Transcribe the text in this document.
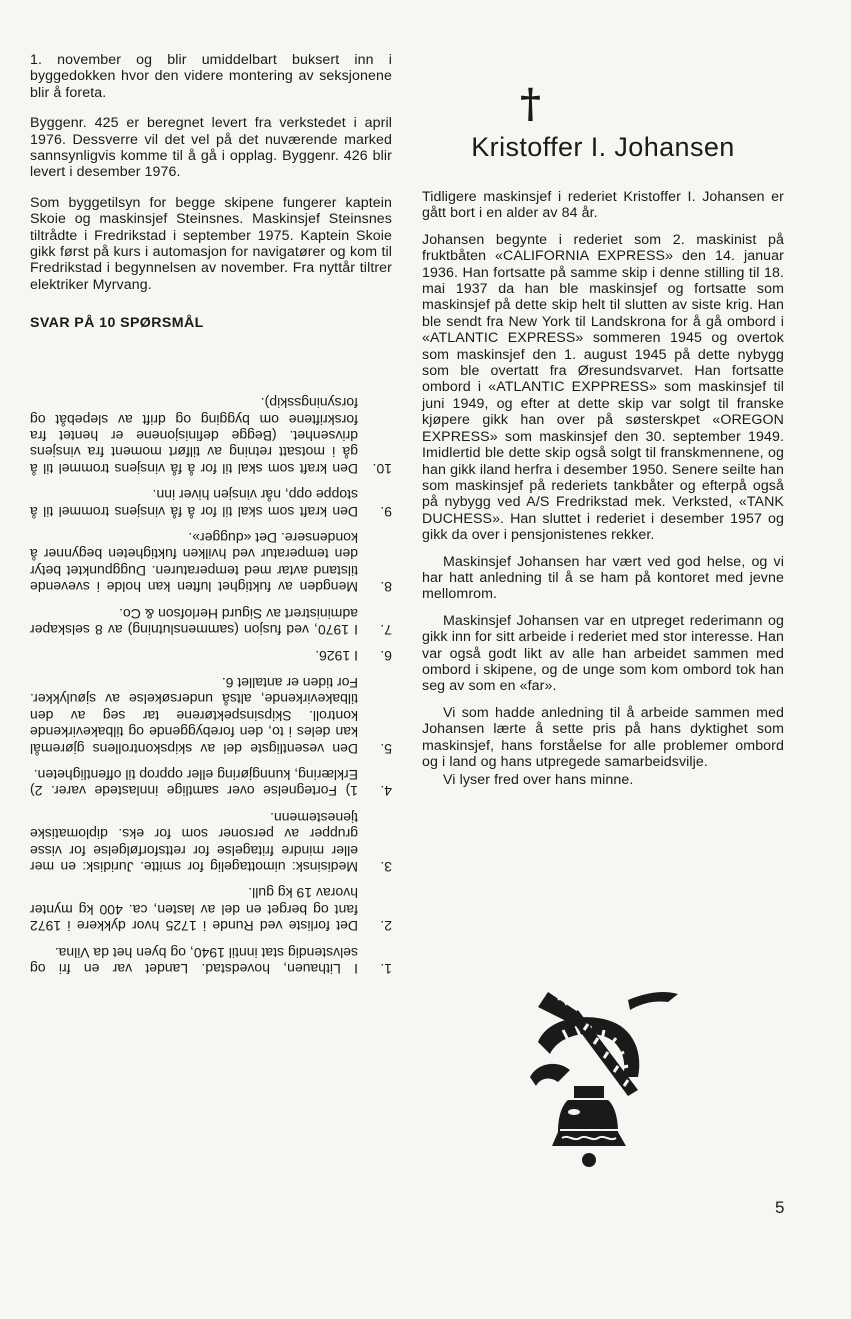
1. november og blir umiddelbart buksert inn i byggedokken hvor den videre montering av seksjonene blir å foreta.

Byggenr. 425 er beregnet levert fra verkstedet i april 1976. Dessverre vil det vel på det nuværende marked sannsynligvis komme til å gå i opplag. Byggenr. 426 blir levert i desember 1976.

Som byggetilsyn for begge skipene fungerer kaptein Skoie og maskinsjef Steinsnes. Maskinsjef Steinsnes tiltrådte i Fredrikstad i september 1975. Kaptein Skoie gikk først på kurs i automasjon for navigatører og kom til Fredrikstad i begynnelsen av november. Fra nyttår tiltrer elektriker Myrvang.

SVAR PÅ 10 SPØRSMÅL
1.
I Lithauen, hovedstad. Landet var en fri og selvstendig stat inntil 1940, og byen het da Vilna.
2.
Det forliste ved Runde i 1725 hvor dykkere i 1972 fant og berget en del av lasten, ca. 400 kg mynter hvorav 19 kg gull.
3.
Medisinsk: uimottagelig for smitte. Juridisk: en mer eller mindre fritagelse for rettsforfølgelse for visse grupper av personer som for eks. diplomatiske tjenestemenn.
4.
1) Fortegnelse over samtlige innlastede varer. 2) Erklæring, kunngjøring eller opprop til offentligheten.
5.
Den vesentligste del av skipskontrollens gjøremål kan deles i to, den forebyggende og tilbakevirkende kontroll. Skipsinspektørene tar seg av den tilbakevirkende, altså undersøkelse av sjøulykker. For tiden er antallet 6.
6.
I 1926.
7.
I 1970, ved fusjon (sammenslutning) av 8 selskaper administrert av Sigurd Herlofson & Co.
8.
Mengden av fuktighet luften kan holde i svevende tilstand avtar med temperaturen. Duggpunktet betyr den temperatur ved hvilken fuktigheten begynner å kondensere. Det «dugger».
9.
Den kraft som skal til for å få vinsjens trommel til å stoppe opp, når vinsjen hiver inn.
10.
Den kraft som skal til for å få vinsjens trommel til å gå i motsatt retning av tilført moment fra vinsjens drivsenhet. (Begge definisjonene er hentet fra forskriftene om bygging og drift av slepebåt og forsyningsskip).
†
Kristoffer I. Johansen

Tidligere maskinsjef i rederiet Kristoffer I. Johansen er gått bort i en alder av 84 år.

Johansen begynte i rederiet som 2. maskinist på fruktbåten «CALIFORNIA EXPRESS» den 14. januar 1936. Han fortsatte på samme skip i denne stilling til 18. mai 1937 da han ble maskinsjef og fortsatte som maskinsjef på dette skip helt til slutten av siste krig. Han ble sendt fra New York til Landskrona for å gå ombord i «ATLANTIC EXPRESS» sommeren 1945 og overtok som maskinsjef den 1. august 1945 på dette nybygg som ble overtatt fra Øresundsvarvet. Han fortsatte ombord i «ATLANTIC EXPPRESS» som maskinsjef til juni 1949, og efter at dette skip var solgt til franske kjøpere gikk han over på søsterskpet «OREGON EXPRESS» som maskinsjef den 30. september 1949. Imidlertid ble dette skip også solgt til franskmennene, og han gikk iland herfra i desember 1950. Senere seilte han som maskinsjef på rederiets tankbåter og efterpå også på nybygg ved A/S Fredrikstad mek. Verksted, «TANK DUCHESS». Han sluttet i rederiet i desember 1957 og gikk da over i pensjonistenes rekker.

Maskinsjef Johansen har vært ved god helse, og vi har hatt anledning til å se ham på kontoret med jevne mellomrom.

Maskinsjef Johansen var en utpreget rederimann og gikk inn for sitt arbeide i rederiet med stor interesse. Han var også godt likt av alle han arbeidet sammen med ombord i skipene, og de unge som kom ombord tok han seg av som en «far».

Vi som hadde anledning til å arbeide sammen med Johansen lærte å sette pris på hans dyktighet som maskinsjef, hans forståelse for alle problemer ombord og i land og hans utpregede samarbeidsvilje.

Vi lyser fred over hans minne.

5
